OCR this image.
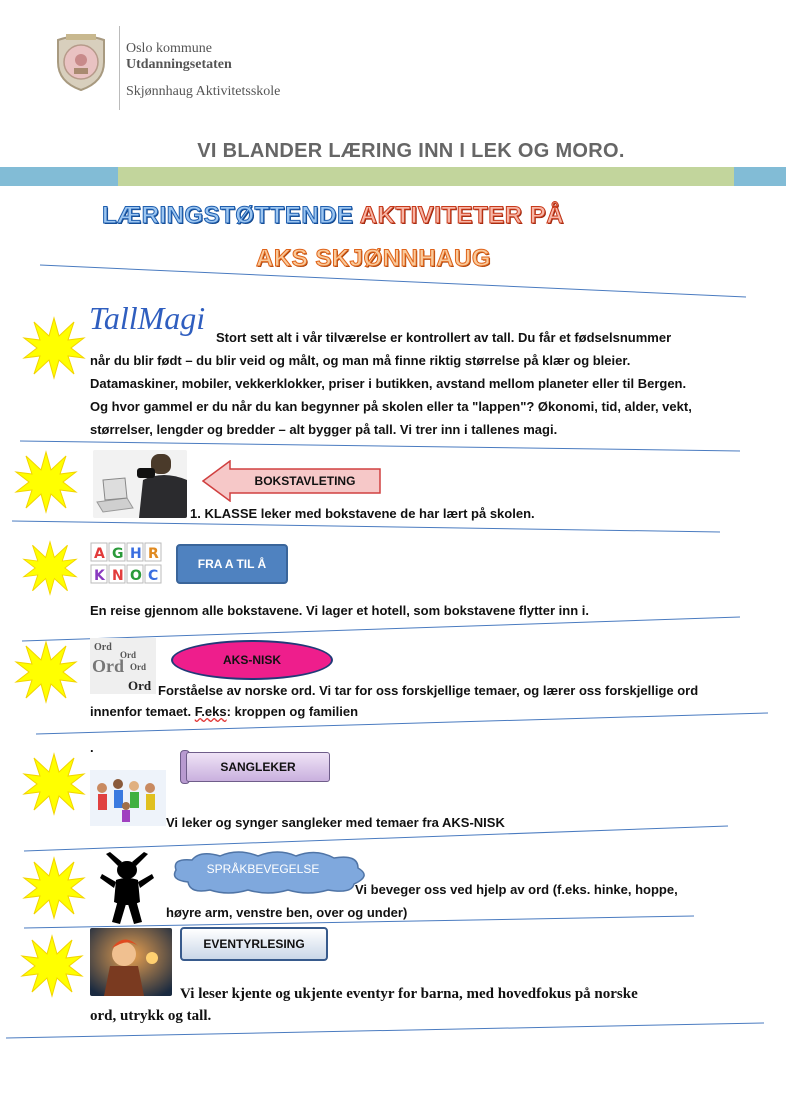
Oslo kommune
Utdanningsetaten
Skjønnhaug Aktivitetsskole
VI BLANDER LÆRING INN I LEK OG MORO.
LÆRINGSTØTTENDE AKTIVITETER PÅ
AKS SKJØNNHAUG
TallMagi
Stort sett alt i vår tilværelse er kontrollert av tall. Du får et fødselsnummer
når du blir født – du blir veid og målt, og man må finne riktig størrelse på klær og bleier. Datamaskiner, mobiler, vekkerklokker, priser i butikken, avstand mellom planeter eller til Bergen. Og hvor gammel er du når du kan begynner på skolen eller ta "lappen"? Økonomi, tid, alder, vekt, størrelser, lengder og bredder – alt bygger på tall. Vi trer inn i tallenes magi.
BOKSTAVLETING
1. KLASSE leker med bokstavene de har lært på skolen.
A G H R
K N O C
FRA A TIL Å
En reise gjennom alle bokstavene. Vi lager et hotell, som bokstavene flytter inn i.
Ord
Ord
Ord Ord
Ord
AKS-NISK
Forståelse av norske ord. Vi tar for oss forskjellige temaer, og lærer oss forskjellige ord
innenfor temaet. F.eks: kroppen og familien
.
SANGLEKER
Vi leker og synger sangleker med temaer fra AKS-NISK
SPRÅKBEVEGELSE
Vi beveger oss ved hjelp av ord (f.eks. hinke, hoppe,
høyre arm, venstre ben, over og under)
EVENTYRLESING
Vi leser kjente og ukjente eventyr for barna, med hovedfokus på norske
ord, utrykk og tall.
